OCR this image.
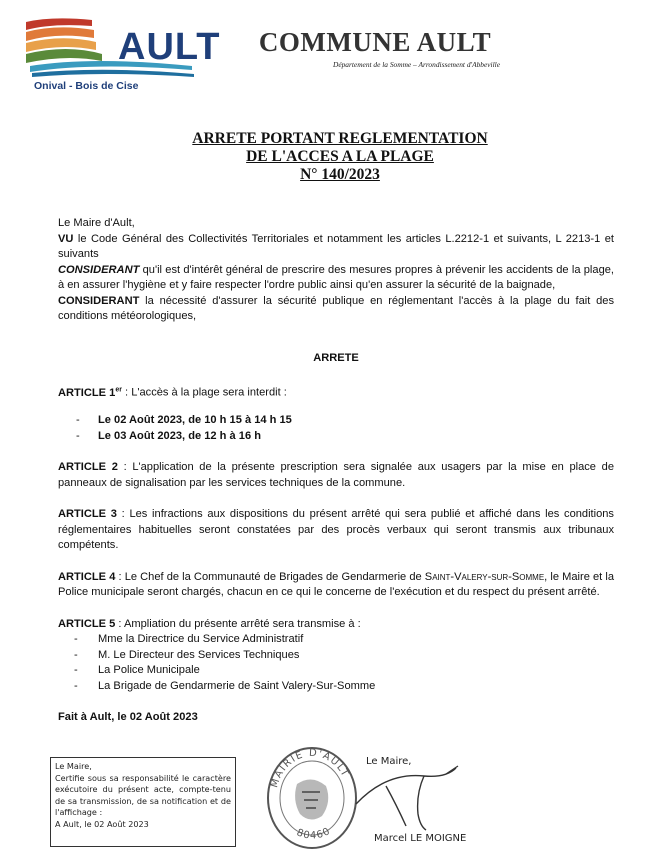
AULT
Onival - Bois de Cise
COMMUNE AULT
Département de la Somme – Arrondissement d'Abbeville
ARRETE PORTANT REGLEMENTATION
DE L'ACCES A LA PLAGE
N° 140/2023

Le Maire d'Ault,

VU le Code Général des Collectivités Territoriales et notamment les articles L.2212-1 et suivants, L 2213-1 et suivants

CONSIDERANT qu'il est d'intérêt général de prescrire des mesures propres à prévenir les accidents de la plage, à en assurer l'hygiène et y faire respecter l'ordre public ainsi qu'en assurer la sécurité de la baignade,

CONSIDERANT la nécessité d'assurer la sécurité publique en réglementant l'accès à la plage du fait des conditions météorologiques,

ARRETE

ARTICLE 1er : L'accès à la plage sera interdit :

-	Le 02 Août 2023, de 10 h 15 à 14 h 15
-	Le 03 Août 2023, de 12 h à 16 h

ARTICLE 2 : L'application de la présente prescription sera signalée aux usagers par la mise en place de panneaux de signalisation par les services techniques de la commune.

ARTICLE 3 : Les infractions aux dispositions du présent arrêté qui sera publié et affiché dans les conditions réglementaires habituelles seront constatées par des procès verbaux qui seront transmis aux tribunaux compétents.

ARTICLE 4 : Le Chef de la Communauté de Brigades de Gendarmerie de Saint-Valery-sur-Somme, le Maire et la Police municipale seront chargés, chacun en ce qui le concerne de l'exécution et du respect du présent arrêté.

ARTICLE 5 : Ampliation du présente arrêté sera transmise à :

-	Mme la Directrice du Service Administratif
-	M. Le Directeur des Services Techniques
-	La Police Municipale
-	La Brigade de Gendarmerie de Saint Valery-Sur-Somme

Fait à Ault, le 02 Août 2023

Le Maire,
Certifie sous sa responsabilité le caractère exécutoire du présent acte, compte-tenu de sa transmission, de sa notification et de l'affichage :
A Ault, le 02 Août 2023
MAIRIE D'AULT
80460
Le Maire,
Marcel LE MOIGNE
